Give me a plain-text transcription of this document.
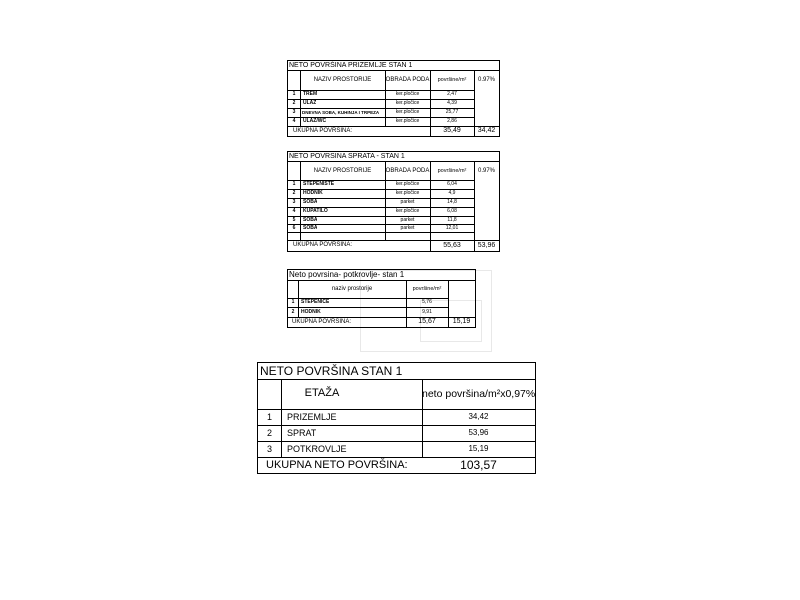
NETO POVRŠINA PRIZEMLJE STAN 1
NAZIV PROSTORIJE	OBRADA PODA	površine/m²	0.97%
1	TREM	ker.pločice	2,47
2	ULAZ	ker.pločice	4,39
3	DNEVNA SOBA, KUHINJA I TRPEZA	ker.pločice	25,77
4	ULAZ/WC	ker.pločice	2,86
UKUPNA POVRŠINA:	35,49	34,42
NETO POVRSINA SPRATA - STAN 1
NAZIV PROSTORIJE	OBRADA PODA	površine/m²	0.97%
1	STEPENISTE	ker.pločice	6,04
2	HODNIK	ker.pločice	4,9
3	SOBA	parket	14,8
4	KUPATILO	ker.pločice	6,08
5	SOBA	parket	11,8
6	SOBA	parket	12,01
UKUPNA POVRŠINA:	55,63	53,96
Neto povrsina- potkrovlje- stan 1
naziv prostorije	površine/m²
1	STEPENICE	5,76
2	HODNIK	9,91
UKUPNA POVRŠINA:	15,67	15,19
NETO POVRŠINA STAN 1
ETAŽA	neto površina/m²x0,97%
1	PRIZEMLJE	34,42
2	SPRAT	53,96
3	POTKROVLJE	15,19
UKUPNA NETO POVRŠINA:	103,57
